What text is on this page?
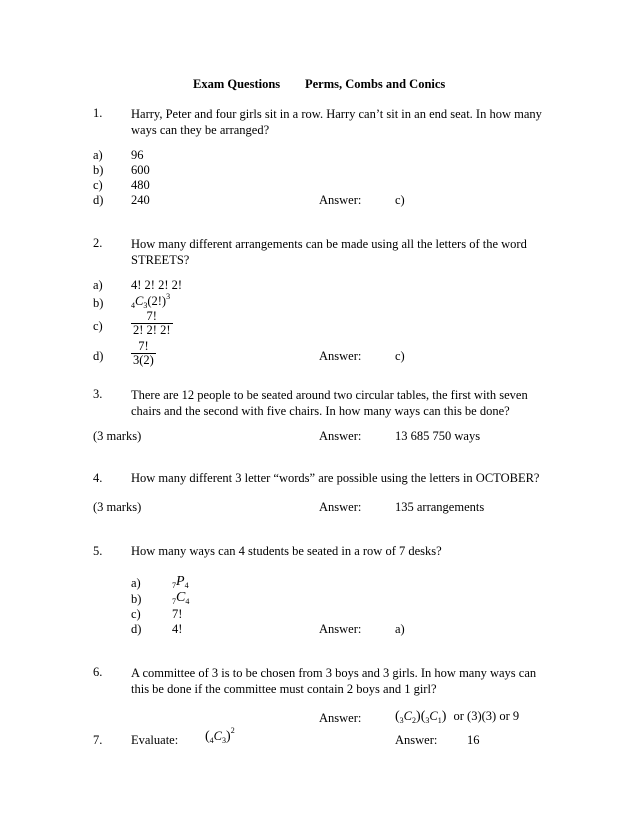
Exam Questions Perms, Combs and Conics
1. Harry, Peter and four girls sit in a row. Harry can’t sit in an end seat. In how many ways can they be arranged?
a) 96
b) 600
c) 480
d) 240	Answer:	c)
2. How many different arrangements can be made using all the letters of the word STREETS?
a) 4! 2! 2! 2!
b)	$_4C_3(2!)^3$
$c) \frac{7!}{2! 2! 2!}$
$d) \frac{7!}{3(2)}$	Answer:	c)
3. There are 12 people to be seated around two circular tables, the first with seven chairs and the second with five chairs. In how many ways can this be done?
(3 marks)	Answer:	13 685 750 ways
4. How many different 3 letter “words” are possible using the letters in OCTOBER?
(3 marks)	Answer:	135 arrangements
5. How many ways can 4 students be seated in a row of 7 desks?
a)	$_7P_4$
b)	$_7C_4$
c)	7!
d) 4!	Answer:	a)
6. A committee of 3 is to be chosen from 3 boys and 3 girls. In how many ways can this be done if the committee must contain 2 boys and 1 girl?
Answer: $(_3C_2)(_3C_1)$ or (3)(3) or 9
7. Evaluate: $(_4C_3)^2$
Answer: 16
